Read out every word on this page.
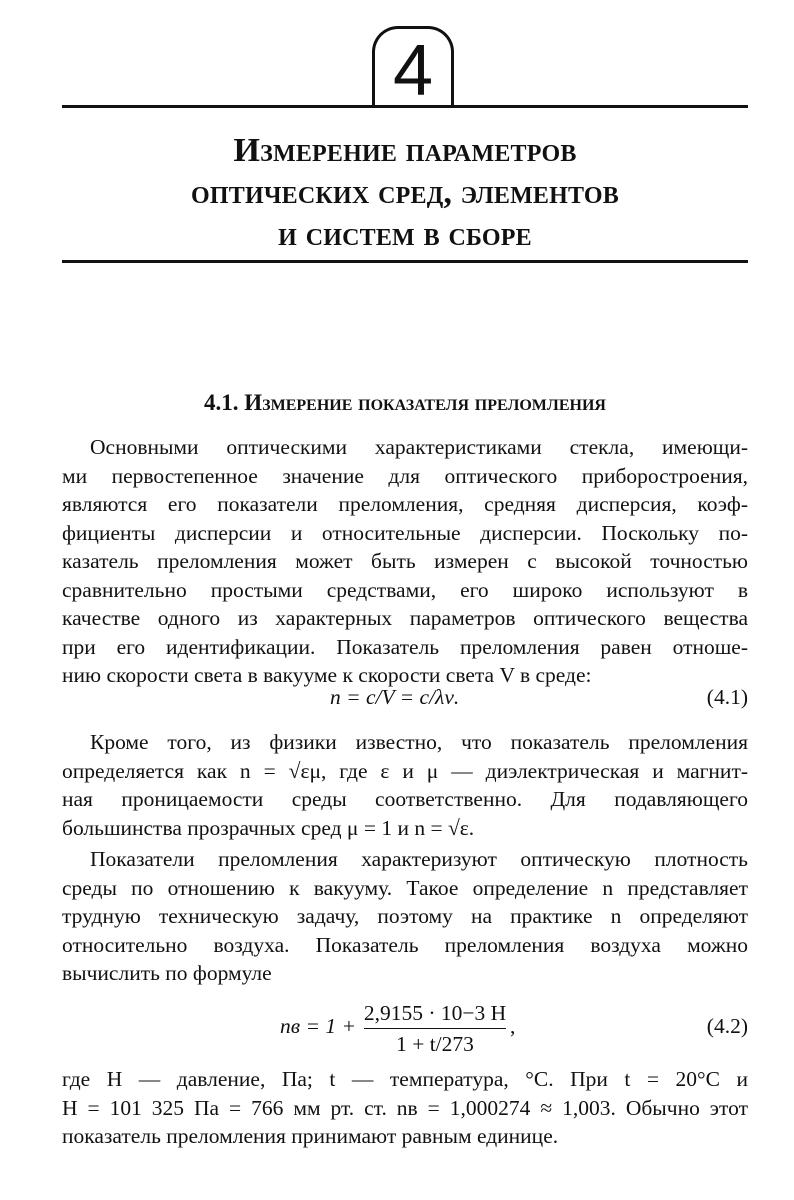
4
Измерение параметров
оптических сред, элементов
и систем в сборе
4.1. Измерение показателя преломления
Основными оптическими характеристиками стекла, имеющи-
ми первостепенное значение для оптического приборостроения,
являются его показатели преломления, средняя дисперсия, коэф-
фициенты дисперсии и относительные дисперсии. Поскольку по-
казатель преломления может быть измерен с высокой точностью
сравнительно простыми средствами, его широко используют в
качестве одного из характерных параметров оптического вещества
при его идентификации. Показатель преломления равен отноше-
нию скорости света в вакууме к скорости света V в среде:
n = c/V = c/λν.	(4.1)
Кроме того, из физики известно, что показатель преломления
определяется как n = √εμ, где ε и μ — диэлектрическая и магнит-
ная проницаемости среды соответственно. Для подавляющего
большинства прозрачных сред μ = 1 и n = √ε.
Показатели преломления характеризуют оптическую плотность
среды по отношению к вакууму. Такое определение n представляет
трудную техническую задачу, поэтому на практике n определяют
относительно воздуха. Показатель преломления воздуха можно
вычислить по формуле
nв = 1 +
2,9155 · 10−3 H
1 + t/273
,	(4.2)
где H — давление, Па; t — температура, °С. При t = 20°С и
H = 101 325 Па = 766 мм рт. ст. nв = 1,000274 ≈ 1,003. Обычно этот
показатель преломления принимают равным единице.
